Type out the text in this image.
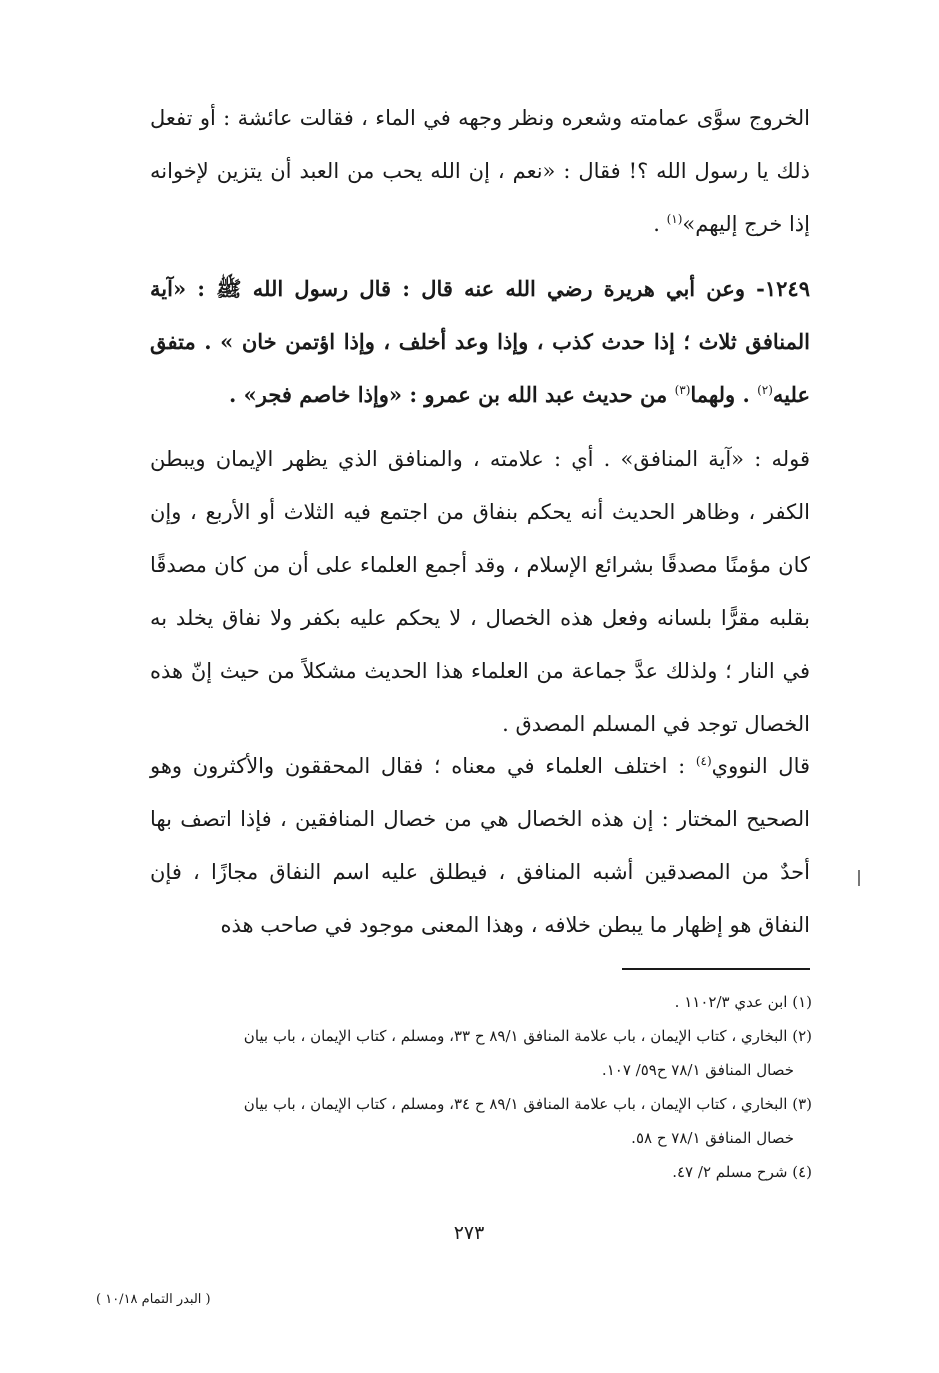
الخروج سوَّى عمامته وشعره ونظر وجهه في الماء ، فقالت عائشة : أو تفعل ذلك يا رسول الله ؟! فقال : «نعم ، إن الله يحب من العبد أن يتزين لإخوانه إذا خرج إليهم»$^{(١)}$ .

١٢٤٩- وعن أبي هريرة رضي الله عنه قال : قال رسول الله ﷺ : «آية المنافق ثلاث ؛ إذا حدث كذب ، وإذا وعد أخلف ، وإذا اؤتمن خان » . متفق عليه$^{(٢)}$ . ولهما$^{(٣)}$ من حديث عبد الله بن عمرو : «وإذا خاصم فجر» .

قوله : «آية المنافق» . أي : علامته ، والمنافق الذي يظهر الإيمان ويبطن الكفر ، وظاهر الحديث أنه يحكم بنفاق من اجتمع فيه الثلاث أو الأربع ، وإن كان مؤمنًا مصدقًا بشرائع الإسلام ، وقد أجمع العلماء على أن من كان مصدقًا بقلبه مقرًّا بلسانه وفعل هذه الخصال ، لا يحكم عليه بكفر ولا نفاق يخلد به في النار ؛ ولذلك عدَّ جماعة من العلماء هذا الحديث مشكلاً من حيث إنّ هذه الخصال توجد في المسلم المصدق .

قال النووي$^{(٤)}$ : اختلف العلماء في معناه ؛ فقال المحققون والأكثرون وهو الصحيح المختار : إن هذه الخصال هي من خصال المنافقين ، فإذا اتصف بها أحدٌ من المصدقين أشبه المنافق ، فيطلق عليه اسم النفاق مجازًا ، فإن النفاق هو إظهار ما يبطن خلافه ، وهذا المعنى موجود في صاحب هذه

(١) ابن عدي ١١٠٢/٣ .

(٢) البخاري ، كتاب الإيمان ، باب علامة المنافق ٨٩/١ ح ٣٣، ومسلم ، كتاب الإيمان ، باب بيان
خصال المنافق ٧٨/١ ح٥٩/ ١٠٧.

(٣) البخاري ، كتاب الإيمان ، باب علامة المنافق ٨٩/١ ح ٣٤، ومسلم ، كتاب الإيمان ، باب بيان
خصال المنافق ٧٨/١ ح ٥٨.

(٤) شرح مسلم ٢/ ٤٧.

٢٧٣
( البدر التمام ١٠/١٨ )
